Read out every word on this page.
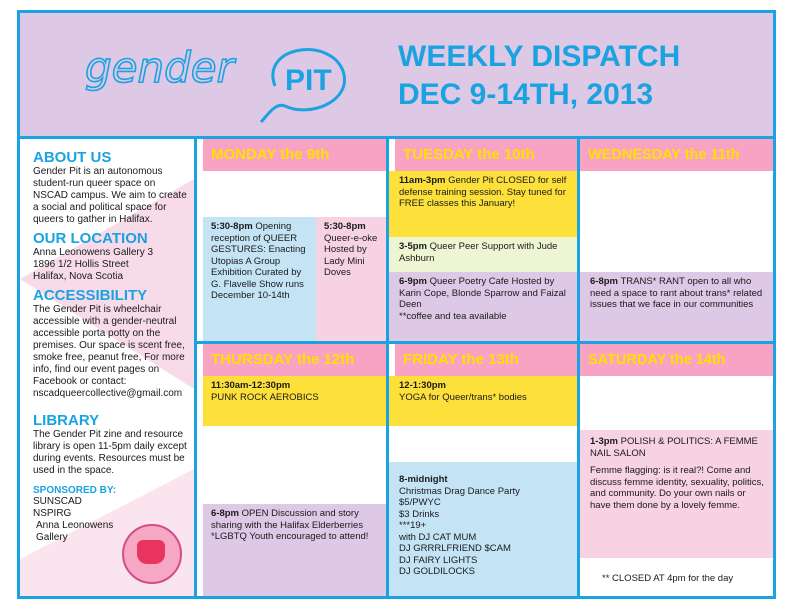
gender PIT
WEEKLY DISPATCH
DEC 9-14TH, 2013
ABOUT US

Gender Pit is an autonomous student-run queer space on NSCAD campus. We aim to create a social and political space for queers to gather in Halifax.

OUR LOCATION

Anna Leonowens Gallery 3
1896 1/2 Hollis Street
Halifax, Nova Scotia

ACCESSIBILITY

The Gender Pit is wheelchair accessible with a gender-neutral accessible porta potty on the premises. Our space is scent free, smoke free, peanut free, For more info, find our event pages on Facebook or contact:

nscadqueercollective@gmail.com

LIBRARY

The Gender Pit zine and resource library is open 11-5pm daily except during events. Resources must be used in the space.

SPONSORED BY:
SUNSCAD
NSPIRG
Anna Leonowens
Gallery
MONDAY the 9th
5:30-8pm Opening reception of QUEER GESTURES: Enacting Utopias A Group Exhibition Curated by G. Flavelle Show runs December 10-14th
5:30-8pm
Queer-e-oke Hosted by Lady Mini Doves
TUESDAY the 10th
11am-3pm Gender Pit CLOSED for self defense training session. Stay tuned for FREE classes this January!
3-5pm Queer Peer Support with Jude Ashburn
6-9pm Queer Poetry Cafe Hosted by Karin Cope, Blonde Sparrow and Faizal Deen
**coffee and tea available
WEDNESDAY the 11th
6-8pm TRANS* RANT open to all who need a space to rant about trans* related issues that we face in our communities
THURSDAY the 12th
11:30am-12:30pm
PUNK ROCK AEROBICS
6-8pm OPEN Discussion and story sharing with the Halifax Elderberries *LGBTQ Youth encouraged to attend!
FRIDAY the 13th
12-1:30pm
YOGA for Queer/trans* bodies
8-midnight
Christmas Drag Dance Party
$5/PWYC
$3 Drinks
***19+
with DJ CAT MUM
DJ GRRRLFRIEND $CAM
DJ FAIRY LIGHTS
DJ GOLDILOCKS
SATURDAY the 14th
1-3pm POLISH & POLITICS: A FEMME NAIL SALON
Femme flagging: is it real?! Come and discuss femme identity, sexuality, politics, and community. Do your own nails or have them done by a lovely femme.
** CLOSED AT 4pm for the day
